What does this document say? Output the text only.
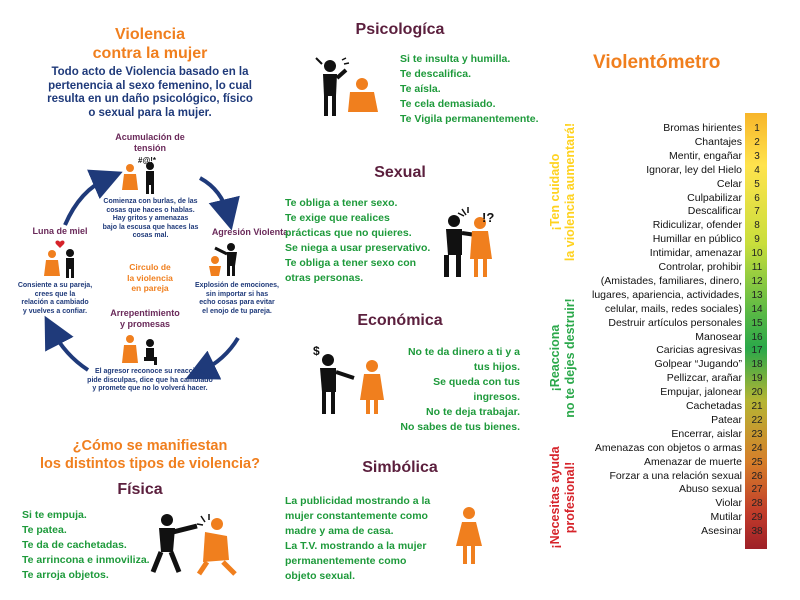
Violencia
contra la mujer
Todo acto de Violencia basado en la
pertenencia al sexo femenino, lo cual
resulta en un daño psicológico, físico
o sexual para la mujer.
Acumulación de
tensión
#@!*
Comienza con burlas, de las
cosas que haces o hablas.
Hay gritos y amenazas
bajo la escusa que haces las
cosas mal.	Agresión Violenta
Explosión de emociones,
sin importar si has
echo cosas para evitar
el enojo de tu pareja.
Circulo de
la violencia
en pareja
Luna de miel
Consiente a su pareja,
crees que la
relación a cambiado
y vuelves a confiar.	Arrepentimiento
y promesas
El agresor reconoce su reacción,
pide disculpas, dice que ha cambiado
y promete que no lo volverá hacer.
¿Cómo se manifiestan
los distintos tipos de violencia?
Física
Si te empuja.
Te patea.
Te da de cachetadas.
Te arrincona e inmoviliza.
Te arroja objetos.
Psicologíca
Si te insulta y humilla.
Te descalifica.
Te aísla.
Te cela demasiado.
Te Vigila permanentemente.
Sexual
Te obliga a tener sexo.
Te exige que realices
prácticas que no quieres.
Se niega a usar preservativo.
Te obliga a tener sexo con
otras personas.
!?
Económica
$	No te da dinero a ti y a
tus hijos.
Se queda con tus ingresos.
No te deja trabajar.
No sabes de tus bienes.
Simbólica
La publicidad mostrando a la
mujer constantemente como
madre y ama de casa.
La T.V. mostrando a la mujer
permanentemente como
objeto sexual.
Violentómetro
Bromas hirientes	1
Chantajes	2
Mentir, engañar	3
Ignorar, ley del Hielo	4
Celar	5
Culpabilizar	6
Descalificar	7
Ridiculizar, ofender	8
Humillar en público	9
Intimidar, amenazar 10
Controlar, prohibir 11
(Amistades, familiares, dinero, 12
lugares, apariencia, actividades, 13
celular, mails, redes sociales) 14
Destruir artículos personales 15
Manosear 16
Caricias agresivas 17
Golpear “Jugando” 18
Pellizcar, arañar 19
Empujar, jalonear 20
Cachetadas 21
Patear 22
Encerrar, aislar 23
Amenazas con objetos o armas 24
Amenazar de muerte 25
Forzar a una relación sexual 26
Abuso sexual 27
Violar 28
Mutilar 29
Asesinar 38
¡Ten cuidado la violencia aumentará!
¡Reacciona no te dejes destruir!
¡Necesitas ayuda profesional!
